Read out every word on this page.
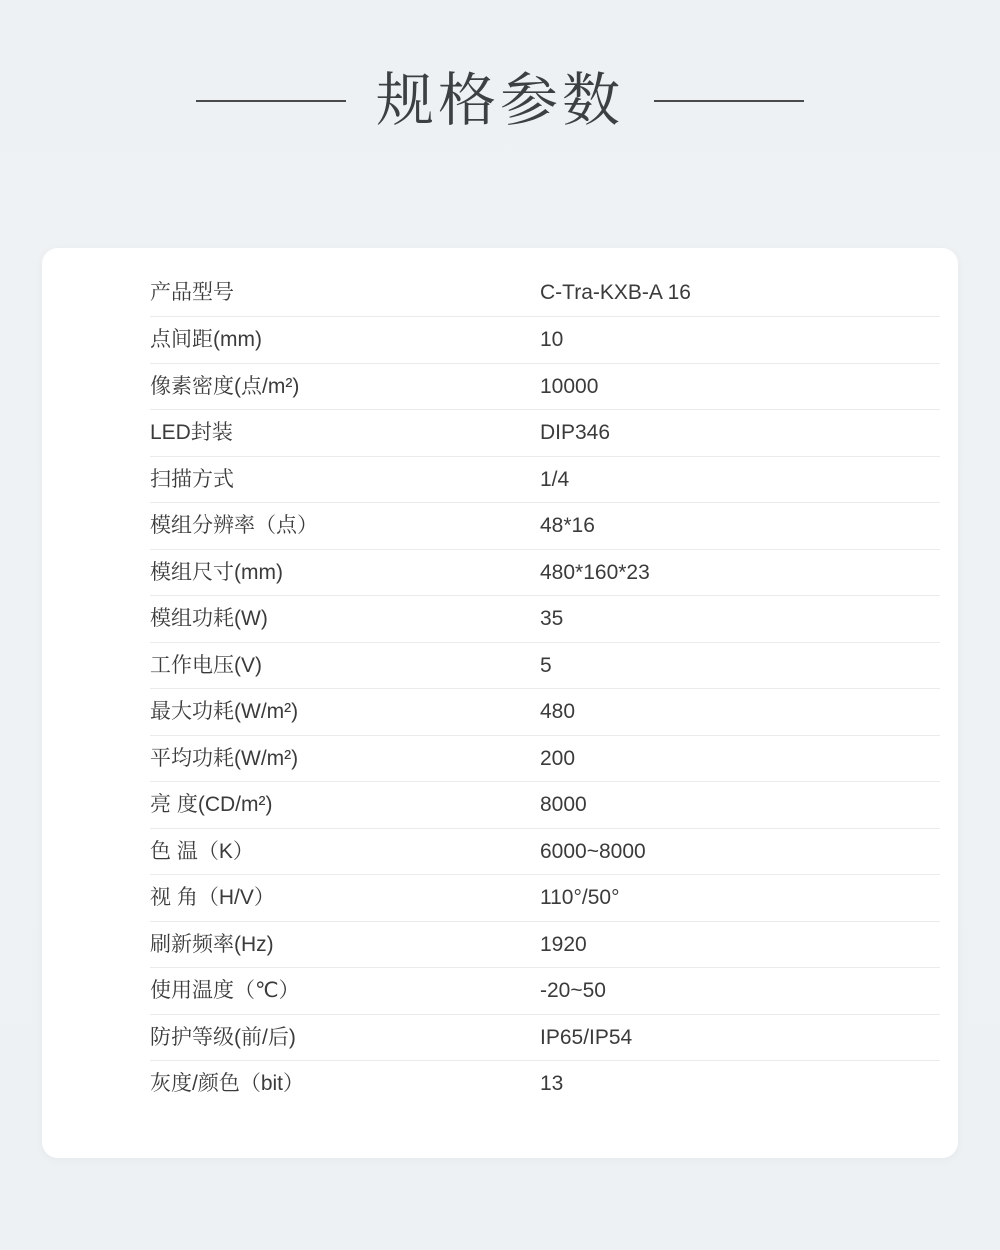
规格参数
产品型号	C-Tra-KXB-A 16
点间距(mm)	10
像素密度(点/m²)	10000
LED封装	DIP346
扫描方式	1/4
模组分辨率（点）	48*16
模组尺寸(mm)	480*160*23
模组功耗(W)	35
工作电压(V)	5
最大功耗(W/m²)	480
平均功耗(W/m²)	200
亮 度(CD/m²)	8000
色 温（K）	6000~8000
视 角（H/V）	110°/50°
刷新频率(Hz)	1920
使用温度（℃）	-20~50
防护等级(前/后)	IP65/IP54
灰度/颜色（bit）	13
